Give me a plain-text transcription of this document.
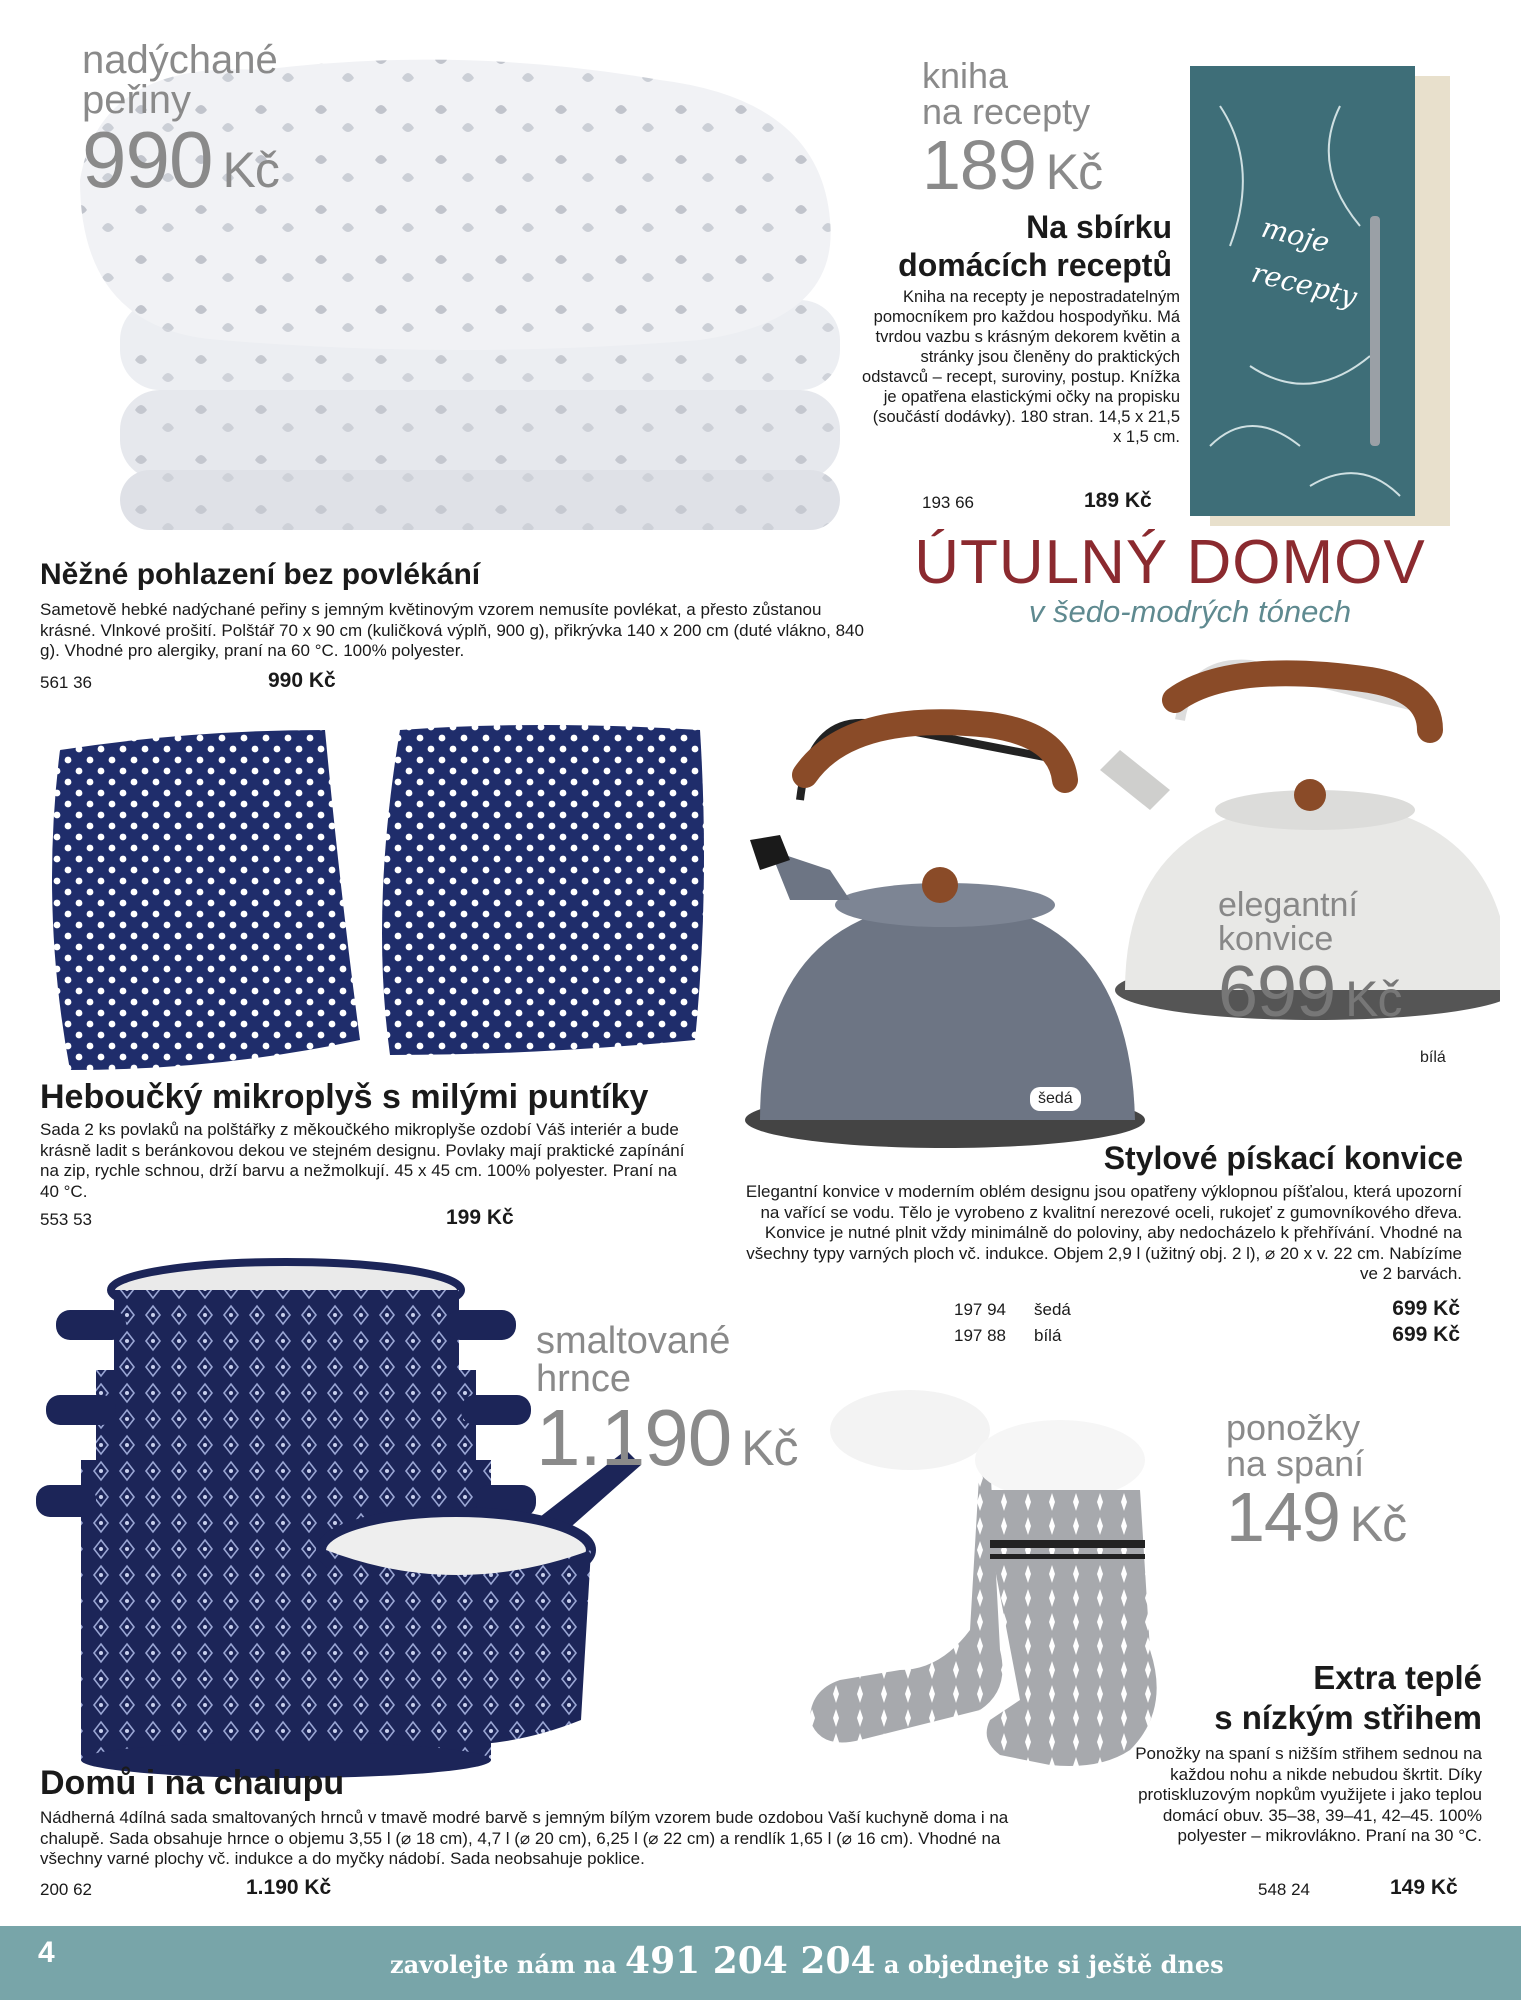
nadýchané
peřiny
990 Kč
Něžné pohlazení bez povlékání
Sametově hebké nadýchané peřiny s jemným květinovým vzorem nemusíte povlékat, a přesto zůstanou krásné. Vlnkové prošití. Polštář 70 x 90 cm (kuličková výplň, 900 g), přikrývka 140 x 200 cm (duté vlákno, 840 g). Vhodné pro alergiky, praní na 60 °C. 100% polyester.
561 36	990 Kč
moje
recepty
kniha
na recepty
189 Kč
Na sbírku
domácích receptů
Kniha na recepty je nepostradatelným pomocníkem pro každou hospodyňku. Má tvrdou vazbu s krásným dekorem květin a stránky jsou členěny do praktických odstavců – recept, suroviny, postup. Knížka je opatřena elastickými očky na propisku (součástí dodávky). 180 stran. 14,5 x 21,5 x 1,5 cm.
193 66	189 Kč
ÚTULNÝ DOMOV
v šedo-modrých tónech
Heboučký mikroplyš s milými puntíky
Sada 2 ks povlaků na polštářky z měkoučkého mikroplyše ozdobí Váš interiér a bude krásně ladit s beránkovou dekou ve stejném designu. Povlaky mají praktické zapínání na zip, rychle schnou, drží barvu a nežmolkují. 45 x 45 cm. 100% polyester. Praní na 40 °C.
553 53	199 Kč
elegantní
konvice
699 Kč
šedá
bílá
Stylové pískací konvice
Elegantní konvice v moderním oblém designu jsou opatřeny výklopnou píšťalou, která upozorní na vařící se vodu. Tělo je vyrobeno z kvalitní nerezové oceli, rukojeť z gumovníkového dřeva. Konvice je nutné plnit vždy minimálně do poloviny, aby nedocházelo k přehřívání. Vhodné na všechny typy varných ploch vč. indukce. Objem 2,9 l (užitný obj. 2 l), ⌀ 20 x v. 22 cm. Nabízíme ve 2 barvách.
197 94 šedá	699 Kč
197 88 bílá	699 Kč
smaltované
hrnce
1.190 Kč
Domů i na chalupu
Nádherná 4dílná sada smaltovaných hrnců v tmavě modré barvě s jemným bílým vzorem bude ozdobou Vaší kuchyně doma i na chalupě. Sada obsahuje hrnce o objemu 3,55 l (⌀ 18 cm), 4,7 l (⌀ 20 cm), 6,25 l (⌀ 22 cm) a rendlík 1,65 l (⌀ 16 cm). Vhodné na všechny varné plochy vč. indukce a do myčky nádobí. Sada neobsahuje poklice.
200 62	1.190 Kč
ponožky
na spaní
149 Kč
Extra teplé
s nízkým střihem
Ponožky na spaní s nižším střihem sednou na každou nohu a nikde nebudou škrtit. Díky protiskluzovým nopkům využijete i jako teplou domácí obuv. 35–38, 39–41, 42–45. 100% polyester – mikrovlákno. Praní na 30 °C.
548 24	149 Kč
4	zavolejte nám na 491 204 204 a objednejte si ještě dnes
